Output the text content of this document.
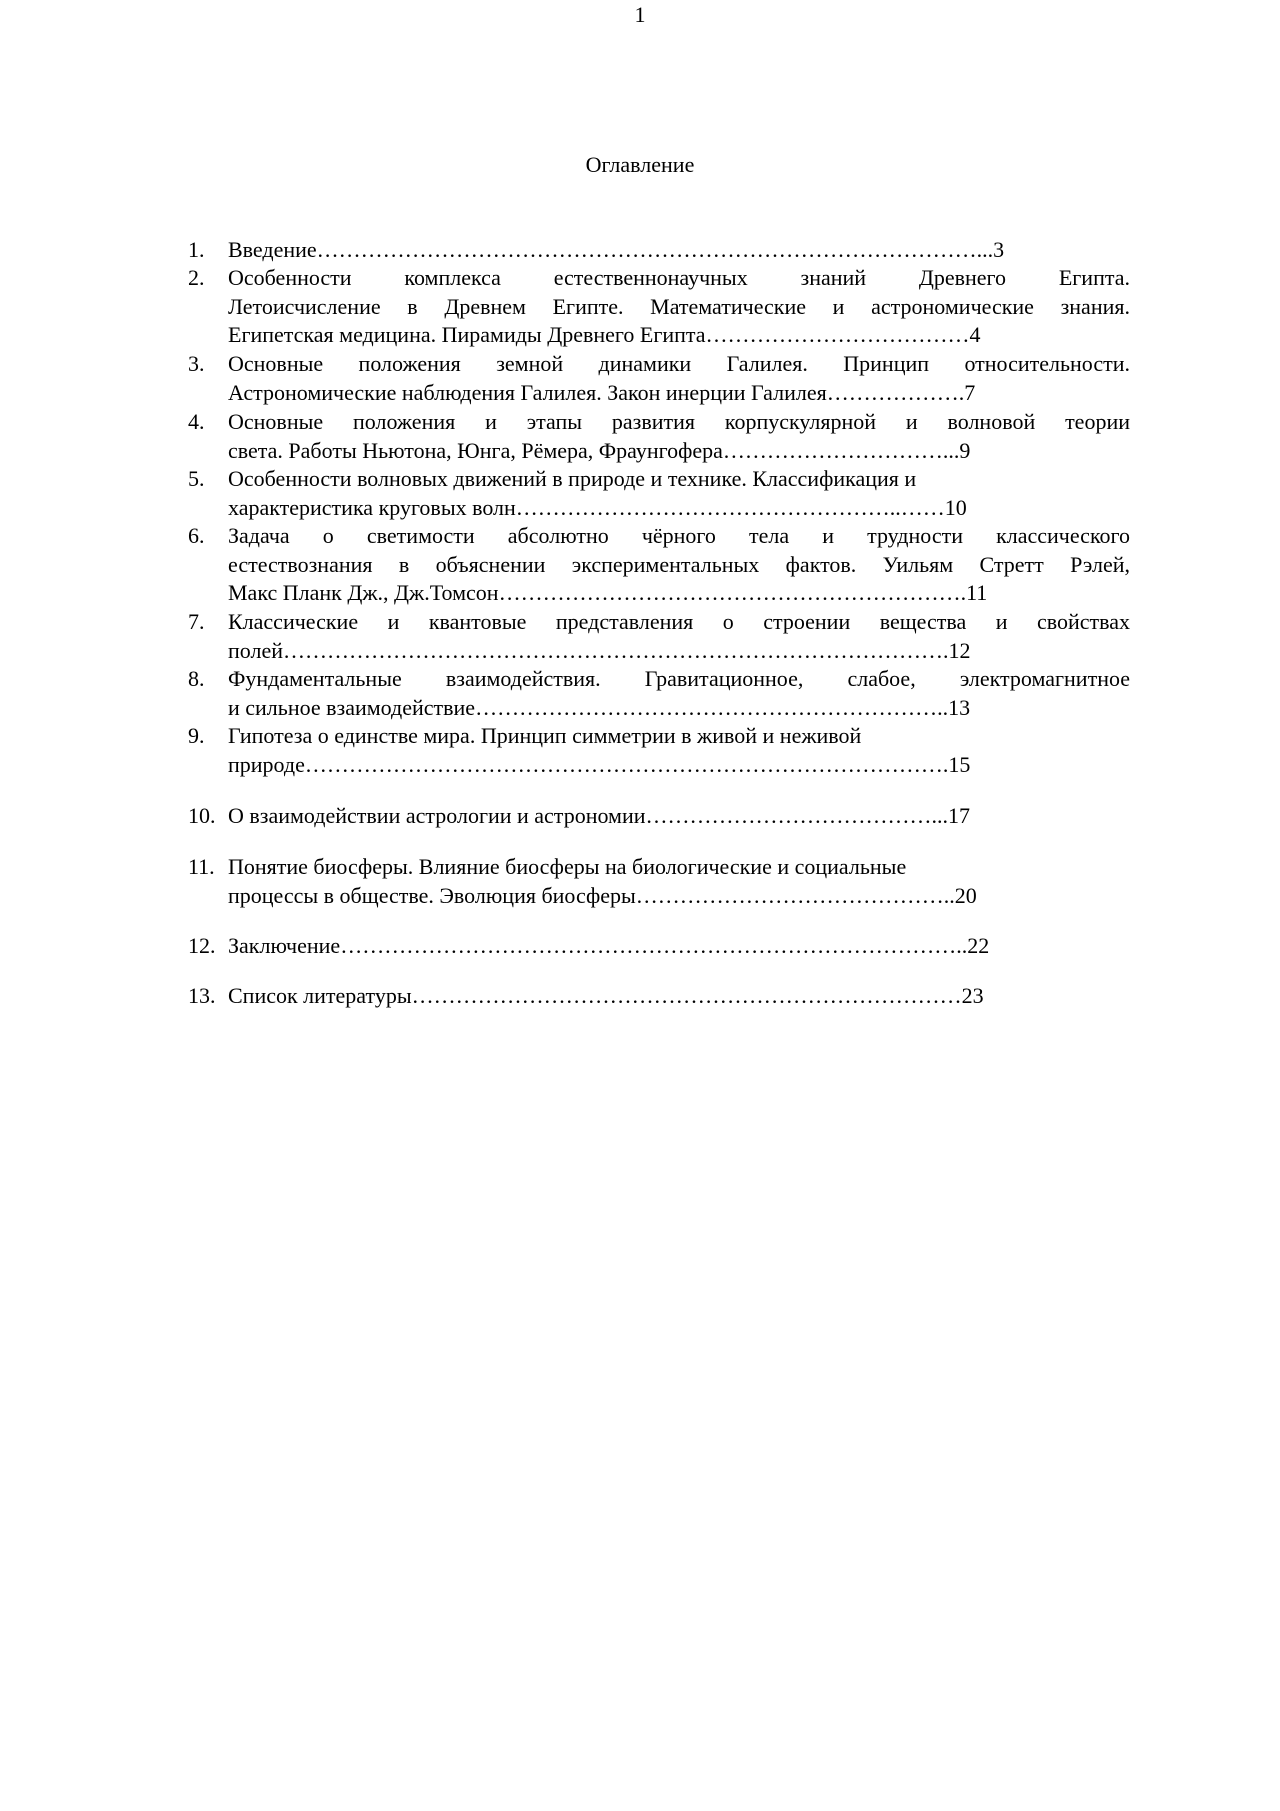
1
Оглавление
1.	Введение………………………………………………………………………………...3
2.	Особенности комплекса естественнонаучных знаний Древнего Египта.
Летоисчисление в Древнем Египте. Математические и астрономические знания.
Египетская медицина. Пирамиды Древнего Египта………………………………4
3.	Основные положения земной динамики Галилея. Принцип относительности.
Астрономические наблюдения Галилея. Закон инерции Галилея……………….7
4.	Основные положения и этапы развития корпускулярной и волновой теории
света. Работы Ньютона, Юнга, Рёмера, Фраунгофера…………………………...9
5.	Особенности волновых движений в природе и технике. Классификация и
характеристика круговых волн……………………………………………..……10
6.	Задача о светимости абсолютно чёрного тела и трудности классического
естествознания в объяснении экспериментальных фактов. Уильям Стретт Рэлей,
Макс Планк Дж., Дж.Томсон……………………………………………………….11
7.	Классические и квантовые представления о строении вещества и свойствах
полей……………………………………………………………………………….12
8.	Фундаментальные взаимодействия. Гравитационное, слабое, электромагнитное
и сильное взаимодействие………………………………………………………..13
9.	Гипотеза о единстве мира. Принцип симметрии в живой и неживой
природе…………………………………………………………………………….15
10. О взаимодействии астрологии и астрономии…………………………………...17
11. Понятие биосферы. Влияние биосферы на биологические и социальные
процессы в обществе. Эволюция биосферы……………………………………..20
12. Заключение…………………………………………………………………………..22
13. Список литературы…………………………………………………………………23
